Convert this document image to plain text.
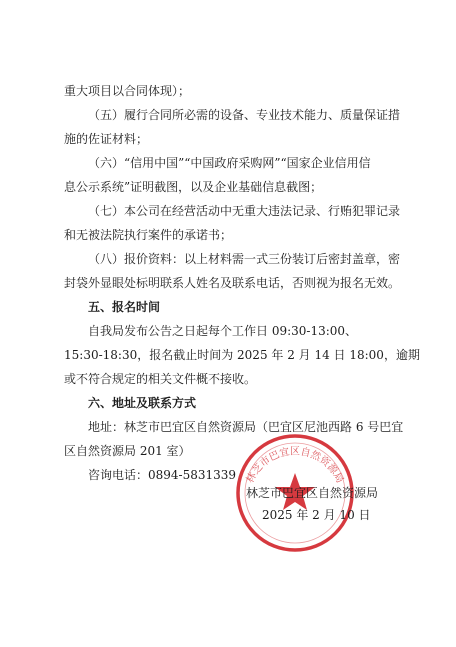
重大项目以合同体现）；
（五）履行合同所必需的设备、专业技术能力、质量保证措
施的佐证材料；
（六）“信用中国”“中国政府采购网”“国家企业信用信
息公示系统”证明截图，以及企业基础信息截图；
（七）本公司在经营活动中无重大违法记录、行贿犯罪记录
和无被法院执行案件的承诺书；
（八）报价资料：以上材料需一式三份装订后密封盖章，密
封袋外显眼处标明联系人姓名及联系电话，否则视为报名无效。
五、报名时间
自我局发布公告之日起每个工作日 09:30-13:00、
15:30-18:30，报名截止时间为 2025 年 2 月 14 日 18:00，逾期
或不符合规定的相关文件概不接收。
六、地址及联系方式
地址：林芝市巴宜区自然资源局（巴宜区尼池西路 6 号巴宜
区自然资源局 201 室）
咨询电话：0894-5831339 林芝市巴宜区自然资源局
林芝市巴宜区自然资源局
2025 年 2 月 10 日
